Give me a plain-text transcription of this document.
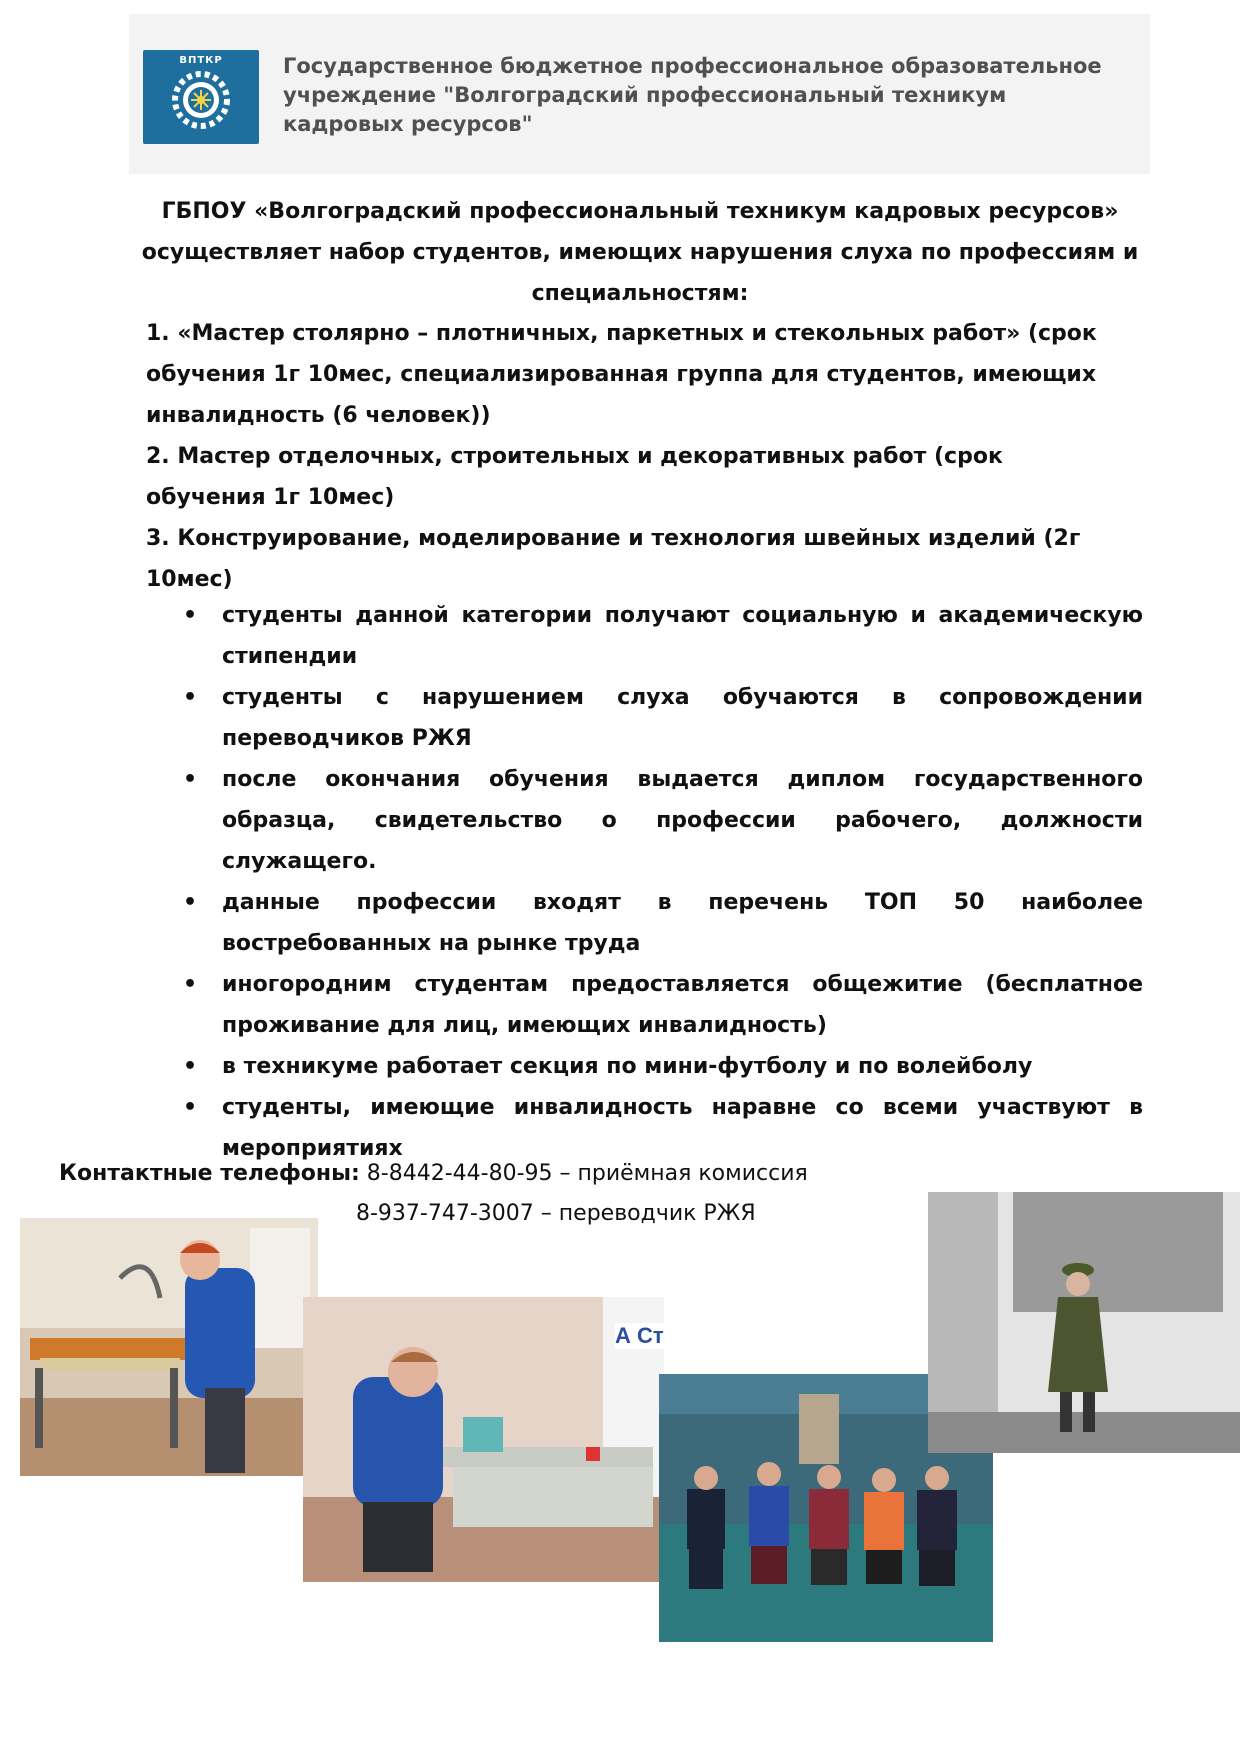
ВПТКР	Государственное бюджетное профессиональное образовательное учреждение "Волгоградский профессиональный техникум кадровых ресурсов"
ГБПОУ «Волгоградский профессиональный техникум кадровых ресурсов»
осуществляет набор студентов, имеющих нарушения слуха по профессиям и
специальностям:
1. «Мастер столярно – плотничных, паркетных и стекольных работ» (срок обучения 1г 10мес, специализированная группа для студентов, имеющих инвалидность (6 человек))
2. Мастер отделочных, строительных и декоративных работ (срок обучения 1г 10мес)
3. Конструирование, моделирование и технология швейных изделий (2г 10мес)
• студенты данной категории получают социальную и академическую стипендии
• студенты с нарушением слуха обучаются в сопровождении переводчиков РЖЯ
• после окончания обучения выдается диплом государственного образца, свидетельство о профессии рабочего, должности служащего.
• данные профессии входят в перечень ТОП 50 наиболее востребованных на рынке труда
• иногородним студентам предоставляется общежитие (бесплатное проживание для лиц, имеющих инвалидность)
• в техникуме работает секция по мини-футболу и по волейболу
• студенты, имеющие инвалидность наравне со всеми участвуют в мероприятиях
Контактные телефоны: 8-8442-44-80-95 – приёмная комиссия
8-937-747-3007 – переводчик РЖЯ
А Ст
